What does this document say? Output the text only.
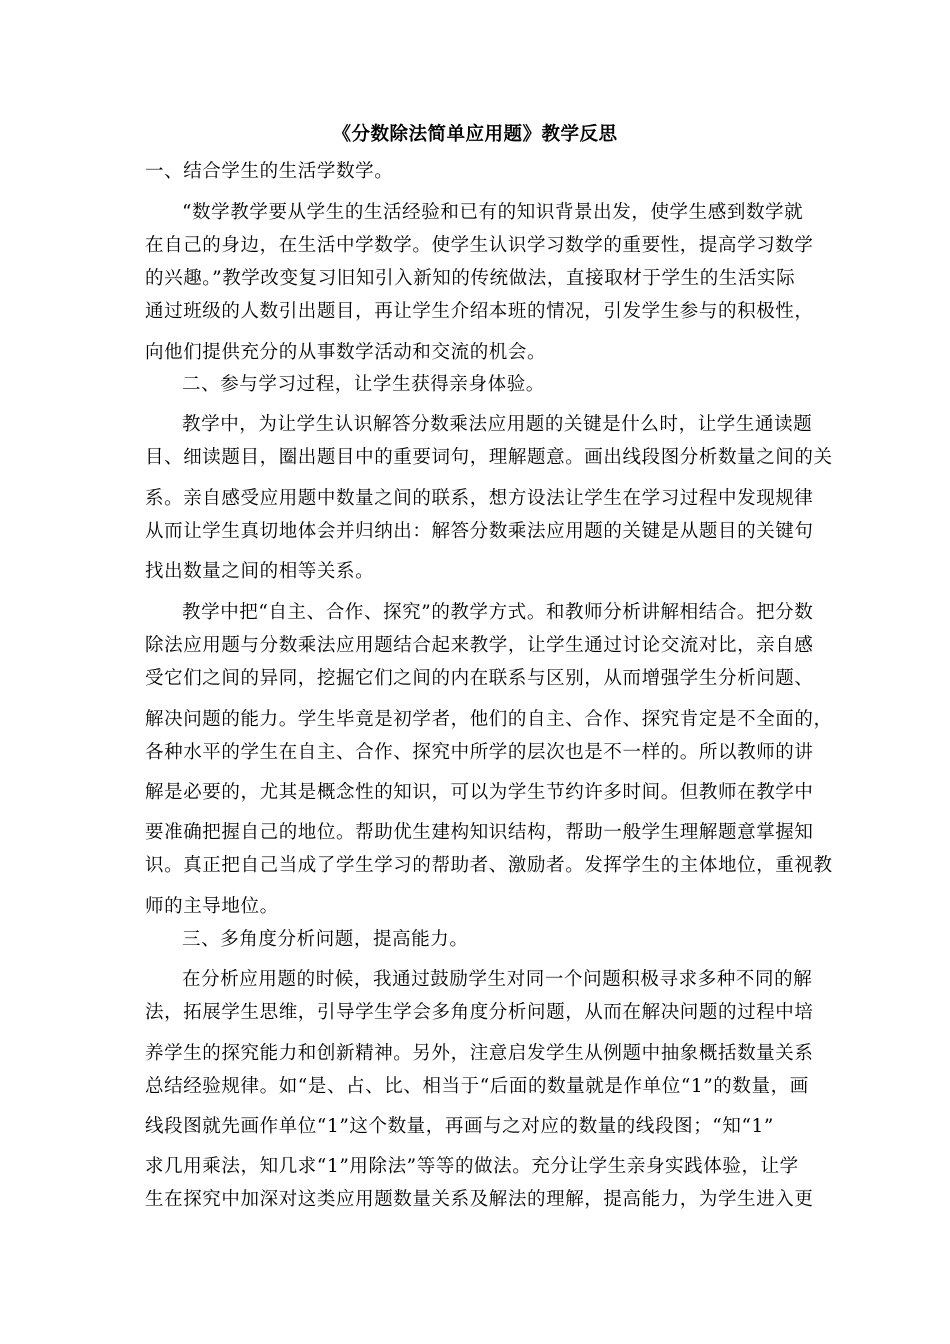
《分数除法简单应用题》教学反思
一、结合学生的生活学数学。
“数学教学要从学生的生活经验和已有的知识背景出发，使学生感到数学就
在自己的身边，在生活中学数学。使学生认识学习数学的重要性，提高学习数学
的兴趣。”教学改变复习旧知引入新知的传统做法，直接取材于学生的生活实际
通过班级的人数引出题目，再让学生介绍本班的情况，引发学生参与的积极性，
向他们提供充分的从事数学活动和交流的机会。
二、参与学习过程，让学生获得亲身体验。
教学中，为让学生认识解答分数乘法应用题的关键是什么时，让学生通读题
目、细读题目，圈出题目中的重要词句，理解题意。画出线段图分析数量之间的关
系。亲自感受应用题中数量之间的联系，想方设法让学生在学习过程中发现规律
从而让学生真切地体会并归纳出：解答分数乘法应用题的关键是从题目的关键句
找出数量之间的相等关系。
教学中把“自主、合作、探究”的教学方式。和教师分析讲解相结合。把分数
除法应用题与分数乘法应用题结合起来教学，让学生通过讨论交流对比，亲自感
受它们之间的异同，挖掘它们之间的内在联系与区别，从而增强学生分析问题、
解决问题的能力。学生毕竟是初学者，他们的自主、合作、探究肯定是不全面的，
各种水平的学生在自主、合作、探究中所学的层次也是不一样的。所以教师的讲
解是必要的，尤其是概念性的知识，可以为学生节约许多时间。但教师在教学中
要准确把握自己的地位。帮助优生建构知识结构，帮助一般学生理解题意掌握知
识。真正把自己当成了学生学习的帮助者、激励者。发挥学生的主体地位，重视教
师的主导地位。
三、多角度分析问题，提高能力。
在分析应用题的时候，我通过鼓励学生对同一个问题积极寻求多种不同的解
法，拓展学生思维，引导学生学会多角度分析问题，从而在解决问题的过程中培
养学生的探究能力和创新精神。另外，注意启发学生从例题中抽象概括数量关系
总结经验规律。如“是、占、比、相当于“后面的数量就是作单位“1”的数量，画
线段图就先画作单位“1”这个数量，再画与之对应的数量的线段图；“知“1”
求几用乘法，知几求“1”用除法”等等的做法。充分让学生亲身实践体验，让学
生在探究中加深对这类应用题数量关系及解法的理解，提高能力，为学生进入更
